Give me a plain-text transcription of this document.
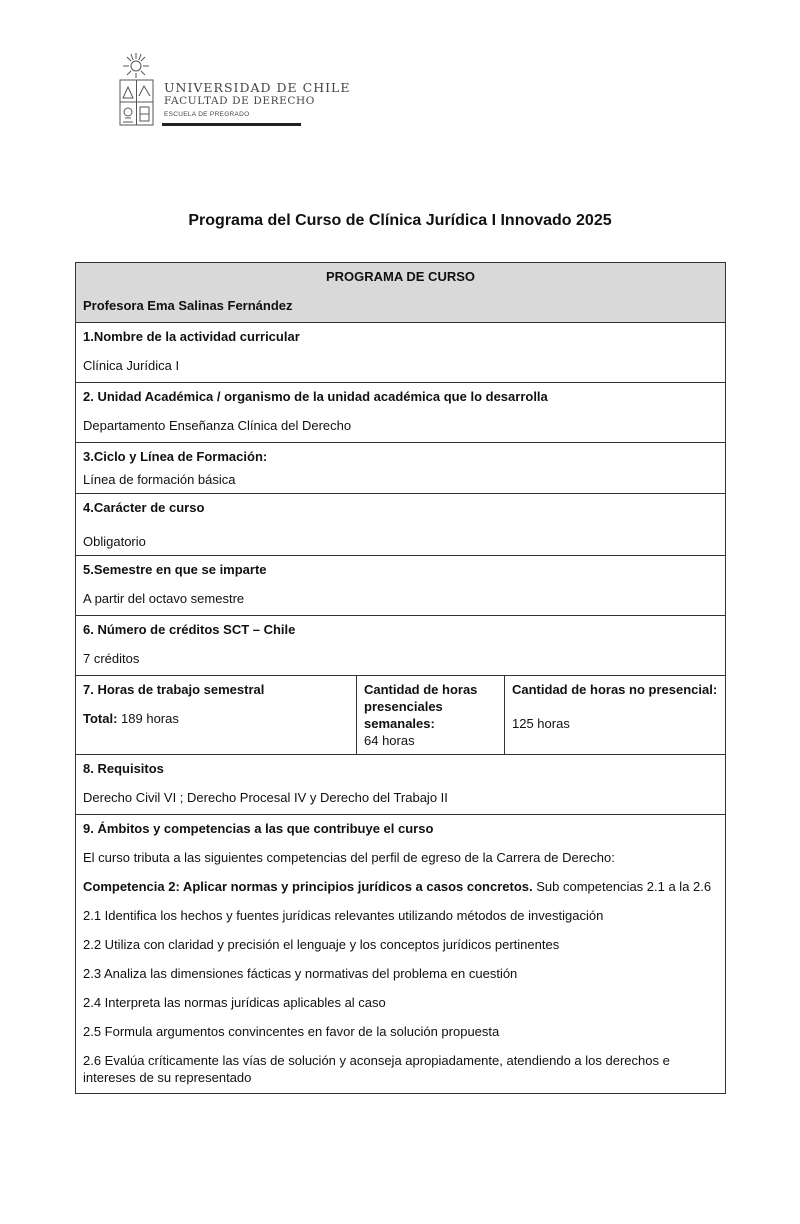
UNIVERSIDAD DE CHILE
FACULTAD DE DERECHO
ESCUELA DE PREGRADO
Programa del Curso de Clínica Jurídica I Innovado 2025
PROGRAMA DE CURSO
Profesora Ema Salinas Fernández

1.Nombre de la actividad curricular
Clínica Jurídica I

2. Unidad Académica / organismo de la unidad académica que lo desarrolla
Departamento Enseñanza Clínica del Derecho

3.Ciclo y Línea de Formación:
Línea de formación básica

4.Carácter de curso
Obligatorio

5.Semestre en que se imparte
A partir del octavo semestre

6. Número de créditos SCT – Chile
7 créditos

7. Horas de trabajo semestral
Total: 189 horas

Cantidad de horas presenciales semanales:
64 horas

Cantidad de horas no presencial:
125 horas

8. Requisitos
Derecho Civil VI ; Derecho Procesal IV y Derecho del Trabajo II

9. Ámbitos y competencias a las que contribuye el curso
El curso tributa a las siguientes competencias del perfil de egreso de la Carrera de Derecho:
Competencia 2: Aplicar normas y principios jurídicos a casos concretos. Sub competencias 2.1 a la 2.6
2.1 Identifica los hechos y fuentes jurídicas relevantes utilizando métodos de investigación
2.2 Utiliza con claridad y precisión el lenguaje y los conceptos jurídicos pertinentes
2.3 Analiza las dimensiones fácticas y normativas del problema en cuestión
2.4 Interpreta las normas jurídicas aplicables al caso
2.5 Formula argumentos convincentes en favor de la solución propuesta
2.6 Evalúa críticamente las vías de solución y aconseja apropiadamente, atendiendo a los derechos e intereses de su representado
